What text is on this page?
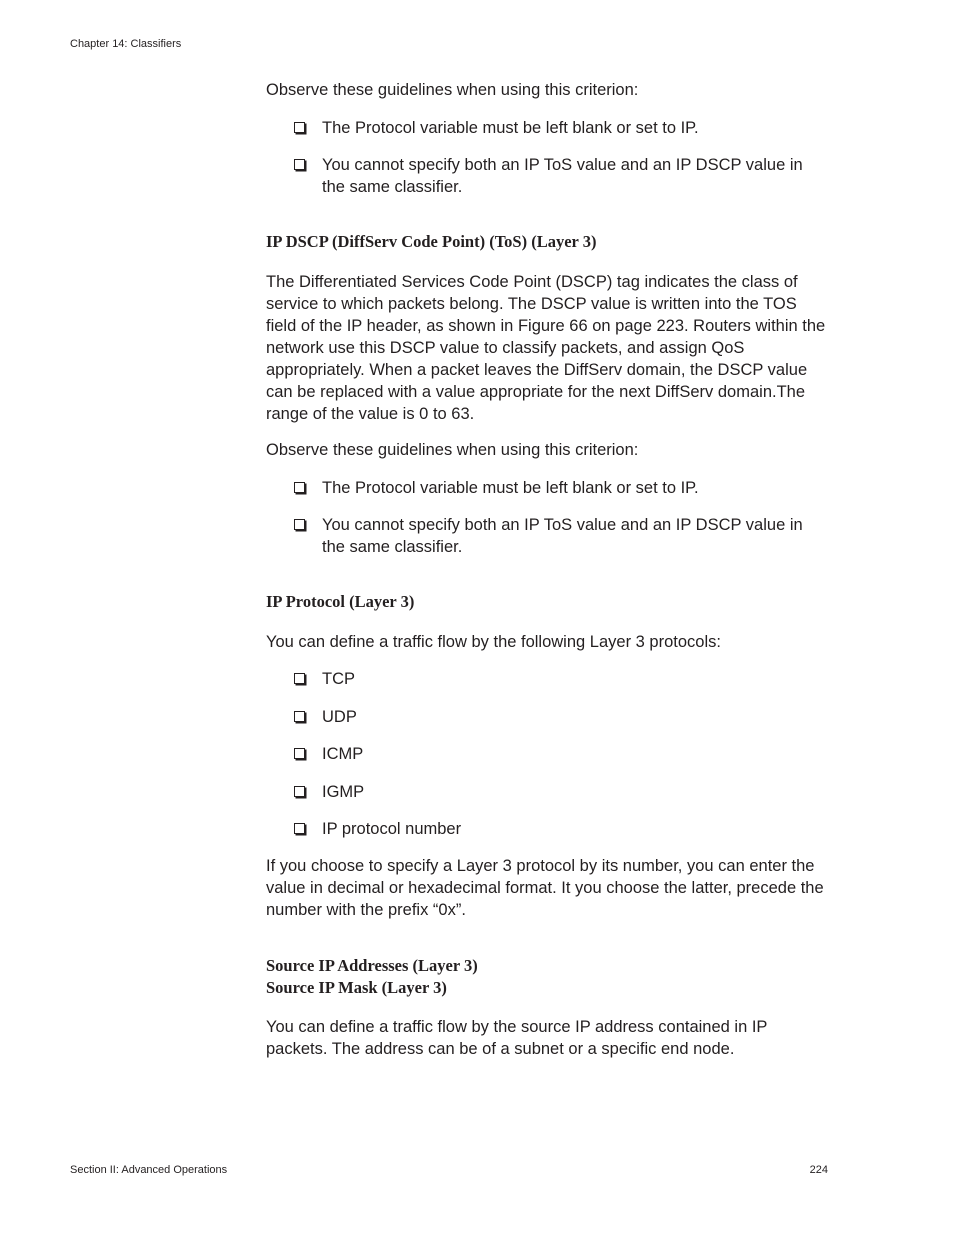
Chapter 14: Classifiers

Observe these guidelines when using this criterion:

The Protocol variable must be left blank or set to IP.
You cannot specify both an IP ToS value and an IP DSCP value in the same classifier.
IP DSCP (DiffServ Code Point) (ToS) (Layer 3)

The Differentiated Services Code Point (DSCP) tag indicates the class of service to which packets belong. The DSCP value is written into the TOS field of the IP header, as shown in Figure 66 on page 223. Routers within the network use this DSCP value to classify packets, and assign QoS appropriately. When a packet leaves the DiffServ domain, the DSCP value can be replaced with a value appropriate for the next DiffServ domain.The range of the value is 0 to 63.

Observe these guidelines when using this criterion:

The Protocol variable must be left blank or set to IP.
You cannot specify both an IP ToS value and an IP DSCP value in the same classifier.
IP Protocol (Layer 3)

You can define a traffic flow by the following Layer 3 protocols:

TCP
UDP
ICMP
IGMP
IP protocol number

If you choose to specify a Layer 3 protocol by its number, you can enter the value in decimal or hexadecimal format. It you choose the latter, precede the number with the prefix “0x”.

Source IP Addresses (Layer 3)
Source IP Mask (Layer 3)

You can define a traffic flow by the source IP address contained in IP packets. The address can be of a subnet or a specific end node.

Section II: Advanced Operations	224
